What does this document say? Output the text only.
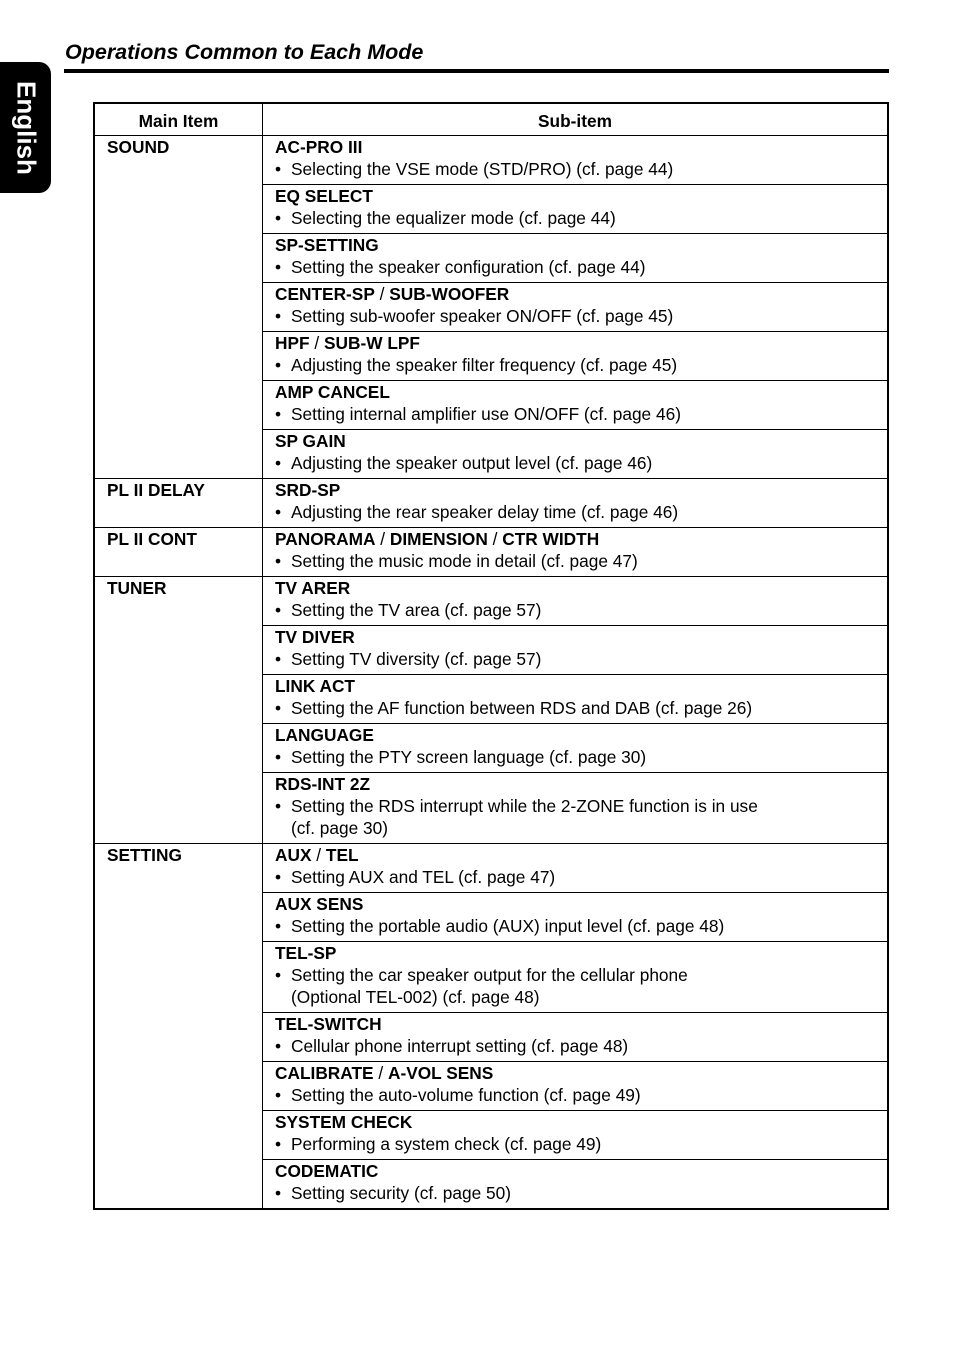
English
Operations Common to Each Mode
Main Item	Sub-item
SOUND	AC-PRO III
• Selecting the VSE mode (STD/PRO) (cf. page 44)

	EQ SELECT
• Selecting the equalizer mode (cf. page 44)

	SP-SETTING
• Setting the speaker configuration (cf. page 44)

	CENTER-SP / SUB-WOOFER
• Setting sub-woofer speaker ON/OFF (cf. page 45)

	HPF / SUB-W LPF
• Adjusting the speaker filter frequency (cf. page 45)

	AMP CANCEL
• Setting internal amplifier use ON/OFF (cf. page 46)

	SP GAIN
• Adjusting the speaker output level (cf. page 46)

PL II DELAY	SRD-SP
• Adjusting the rear speaker delay time (cf. page 46)

PL II CONT	PANORAMA / DIMENSION / CTR WIDTH
• Setting the music mode in detail (cf. page 47)

TUNER	TV ARER
• Setting the TV area (cf. page 57)

	TV DIVER
• Setting TV diversity (cf. page 57)

	LINK ACT
• Setting the AF function between RDS and DAB (cf. page 26)

	LANGUAGE
• Setting the PTY screen language (cf. page 30)

	RDS-INT 2Z
• Setting the RDS interrupt while the 2-ZONE function is in use
(cf. page 30)

SETTING	AUX / TEL
• Setting AUX and TEL (cf. page 47)

	AUX SENS
• Setting the portable audio (AUX) input level (cf. page 48)

	TEL-SP
• Setting the car speaker output for the cellular phone
(Optional TEL-002) (cf. page 48)

	TEL-SWITCH
• Cellular phone interrupt setting (cf. page 48)

	CALIBRATE / A-VOL SENS
• Setting the auto-volume function (cf. page 49)

	SYSTEM CHECK
• Performing a system check (cf. page 49)

	CODEMATIC
• Setting security (cf. page 50)
